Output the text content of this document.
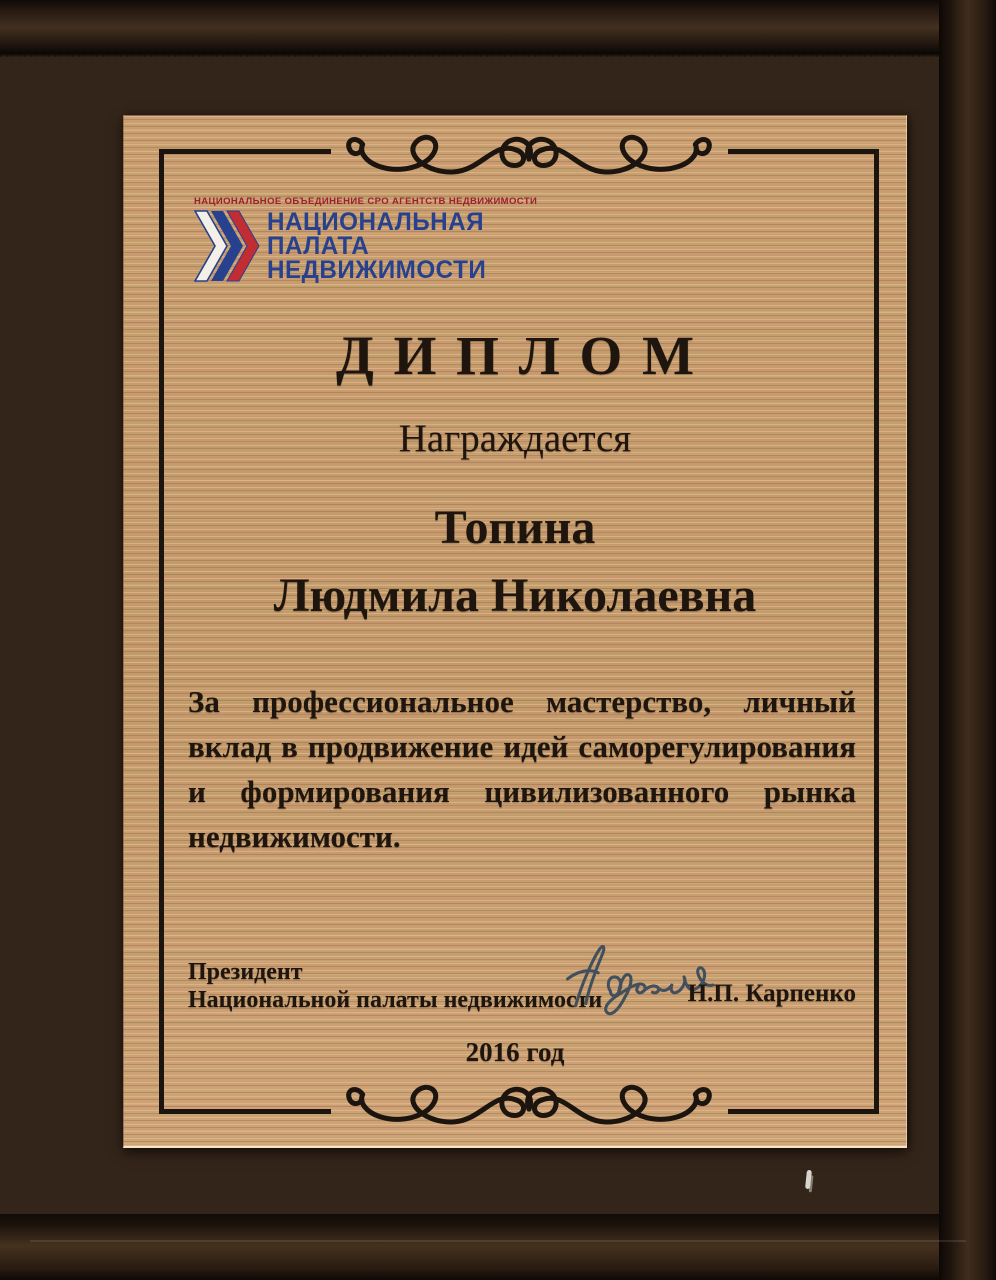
НАЦИОНАЛЬНОЕ ОБЪЕДИНЕНИЕ СРО АГЕНТСТВ НЕДВИЖИМОСТИ
НАЦИОНАЛЬНАЯ
ПАЛАТА
НЕДВИЖИМОСТИ
ДИПЛОМ
Награждается
Топина
Людмила Николаевна
За профессиональное мастерство, личный вклад в продвижение идей саморегулирования и формирования цивилизованного рынка недвижимости.
Президент
Национальной палаты недвижимости	Н.П. Карпенко
2016 год
